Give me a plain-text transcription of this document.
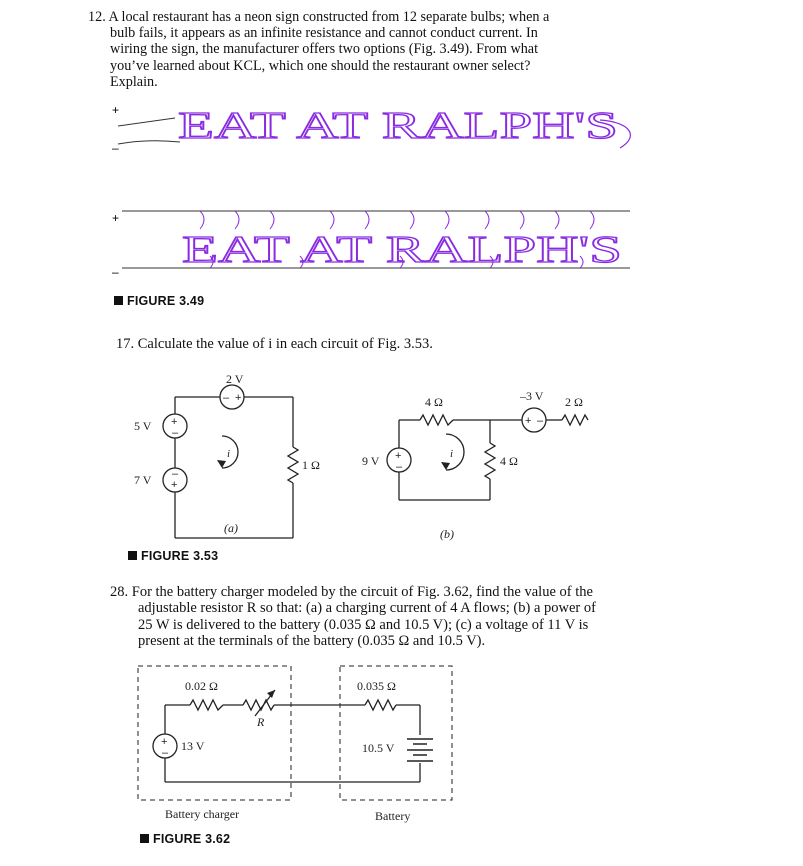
12. A local restaurant has a neon sign constructed from 12 separate bulbs; when a
bulb fails, it appears as an infinite resistance and cannot conduct current. In
wiring the sign, the manufacturer offers two options (Fig. 3.49). From what
you’ve learned about KCL, which one should the restaurant owner select?
Explain.
+
–
EAT AT RALPH'S
+
–
EAT AT RALPH'S
FIGURE 3.49
17. Calculate the value of i in each circuit of Fig. 3.53.
– +
+
–
–
+
2 V
5 V
7 V
1 Ω
i
(a)
+ –
+
–
4 Ω	–3 V 2 Ω
9 V	4 Ω
i
(b)
FIGURE 3.53
28. For the battery charger modeled by the circuit of Fig. 3.62, find the value of the
adjustable resistor R so that: (a) a charging current of 4 A flows; (b) a power of
25 W is delivered to the battery (0.035 Ω and 10.5 V); (c) a voltage of 11 V is
present at the terminals of the battery (0.035 Ω and 10.5 V).
+
–
0.02 Ω
R
13 V
0.035 Ω
10.5 V
Battery charger	Battery
FIGURE 3.62
